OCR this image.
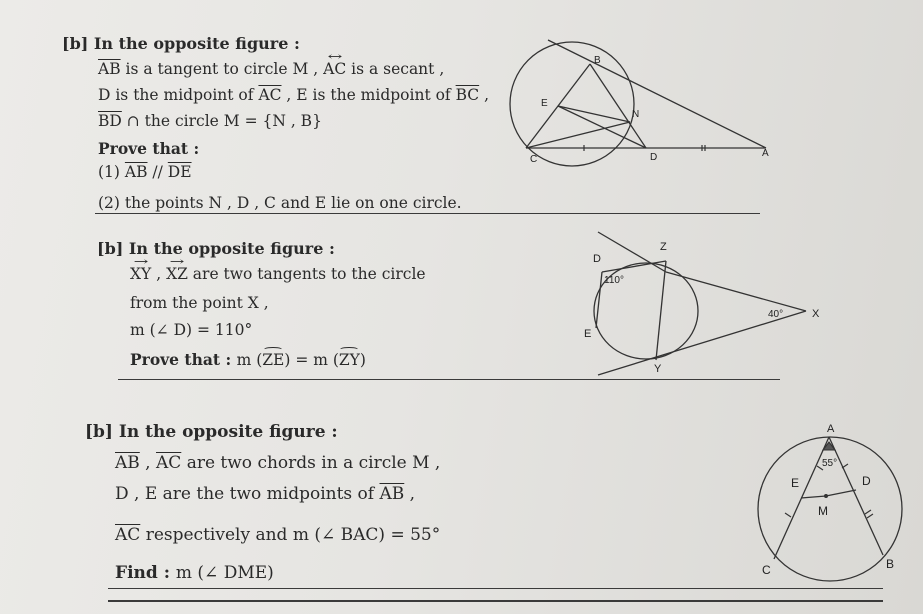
[b] In the opposite figure :
$\overline{AB}$ is a tangent to circle M , ↔ AC is a secant ,
D is the midpoint of $\overline{AC}$ , E is the midpoint of $\overline{BC}$ ,
$\overline{BD}$ ∩ the circle M = {N , B}
Prove that :
(1) $\overline{AB} // \overline{DE}$
(2) the points N , D , C and E lie on one circle.
B
E
N
C	D	A
[b] In the opposite figure :
→ XY , → XZ are two tangents to the circle
from the point X ,
m (∠ D) = 110°
Prove that : m (⌢ ZE) = m (⌢ ZY)
D
Z
110°
40°	X
E
Y
[b] In the opposite figure :
$\overline{AB}$ , $\overline{AC}$ are two chords in a circle M ,
D , E are the two midpoints of $\overline{AB}$ ,
$\overline{AC}$ respectively and m (∠ BAC) = 55°
Find : m (∠ DME)
A
55°
E	D
M
C	B
